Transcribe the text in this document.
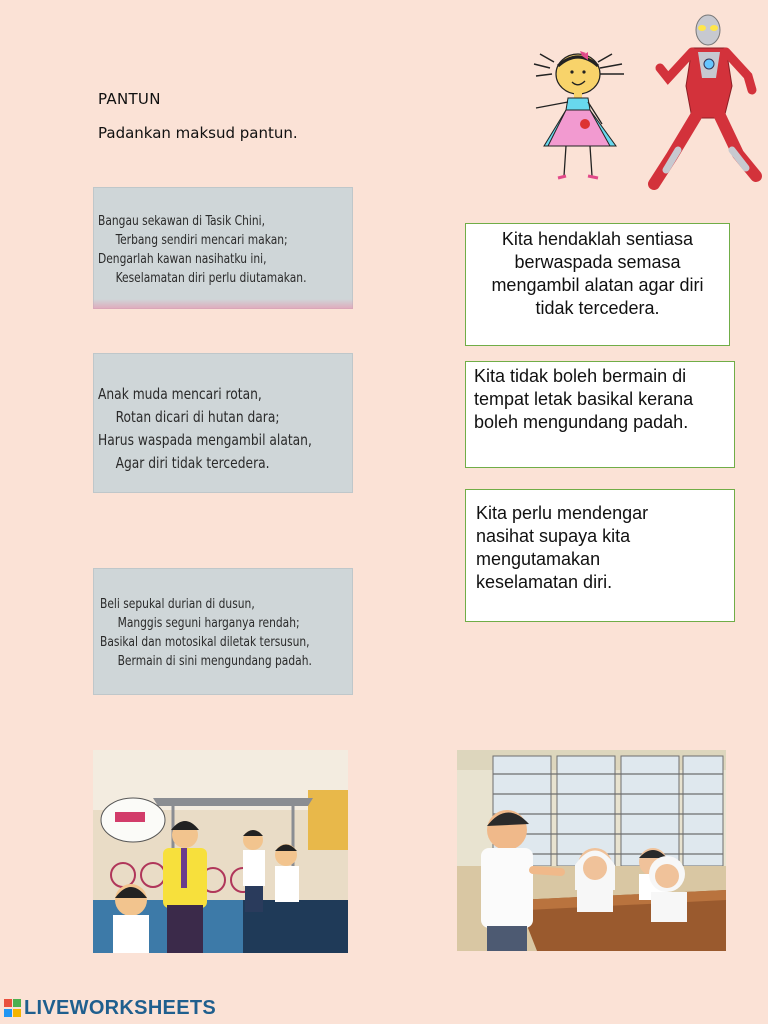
PANTUN
Padankan maksud pantun.
Bangau sekawan di Tasik Chini,
Terbang sendiri mencari makan;
Dengarlah kawan nasihatku ini,
Keselamatan diri perlu diutamakan.
Anak muda mencari rotan,
Rotan dicari di hutan dara;
Harus waspada mengambil alatan,
Agar diri tidak tercedera.
Beli sepukal durian di dusun,
Manggis seguni harganya rendah;
Basikal dan motosikal diletak tersusun,
Bermain di sini mengundang padah.
Kita hendaklah sentiasa berwaspada semasa mengambil alatan agar diri tidak tercedera.
Kita tidak boleh bermain di tempat letak basikal kerana boleh mengundang padah.
Kita perlu mendengar nasihat supaya kita mengutamakan keselamatan diri.
LIVEWORKSHEETS
